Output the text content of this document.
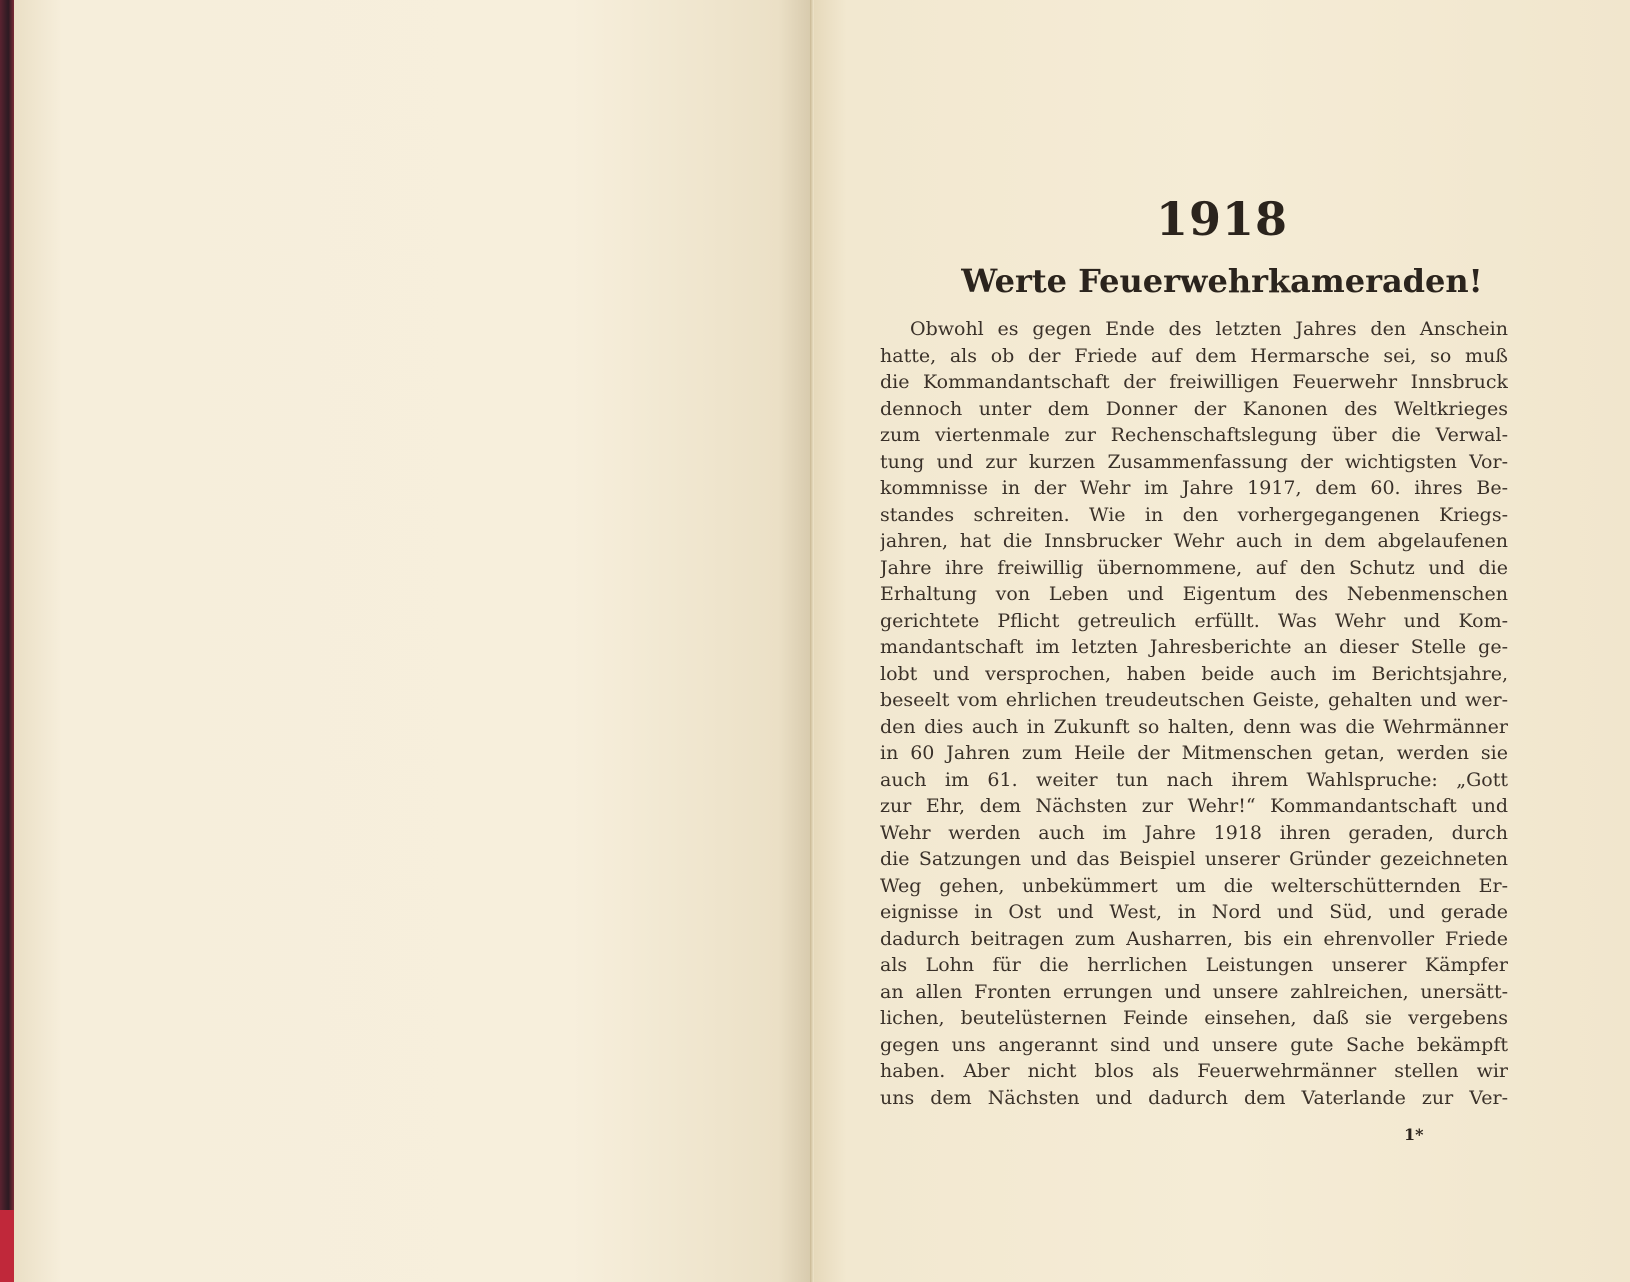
1918
Werte Feuerwehrkameraden!
Obwohl es gegen Ende des letzten Jahres den Anschein
hatte, als ob der Friede auf dem Hermarsche sei, so muß
die Kommandantschaft der freiwilligen Feuerwehr Innsbruck
dennoch unter dem Donner der Kanonen des Weltkrieges
zum viertenmale zur Rechenschaftslegung über die Verwal-
tung und zur kurzen Zusammenfassung der wichtigsten Vor-
kommnisse in der Wehr im Jahre 1917, dem 60. ihres Be-
standes schreiten. Wie in den vorhergegangenen Kriegs-
jahren, hat die Innsbrucker Wehr auch in dem abgelaufenen
Jahre ihre freiwillig übernommene, auf den Schutz und die
Erhaltung von Leben und Eigentum des Nebenmenschen
gerichtete Pflicht getreulich erfüllt. Was Wehr und Kom-
mandantschaft im letzten Jahresberichte an dieser Stelle ge-
lobt und versprochen, haben beide auch im Berichtsjahre,
beseelt vom ehrlichen treudeutschen Geiste, gehalten und wer-
den dies auch in Zukunft so halten, denn was die Wehrmänner
in 60 Jahren zum Heile der Mitmenschen getan, werden sie
auch im 61. weiter tun nach ihrem Wahlspruche: „Gott
zur Ehr, dem Nächsten zur Wehr!“ Kommandantschaft und
Wehr werden auch im Jahre 1918 ihren geraden, durch
die Satzungen und das Beispiel unserer Gründer gezeichneten
Weg gehen, unbekümmert um die welterschütternden Er-
eignisse in Ost und West, in Nord und Süd, und gerade
dadurch beitragen zum Ausharren, bis ein ehrenvoller Friede
als Lohn für die herrlichen Leistungen unserer Kämpfer
an allen Fronten errungen und unsere zahlreichen, unersätt-
lichen, beutelüsternen Feinde einsehen, daß sie vergebens
gegen uns angerannt sind und unsere gute Sache bekämpft
haben. Aber nicht blos als Feuerwehrmänner stellen wir
uns dem Nächsten und dadurch dem Vaterlande zur Ver-
1*
